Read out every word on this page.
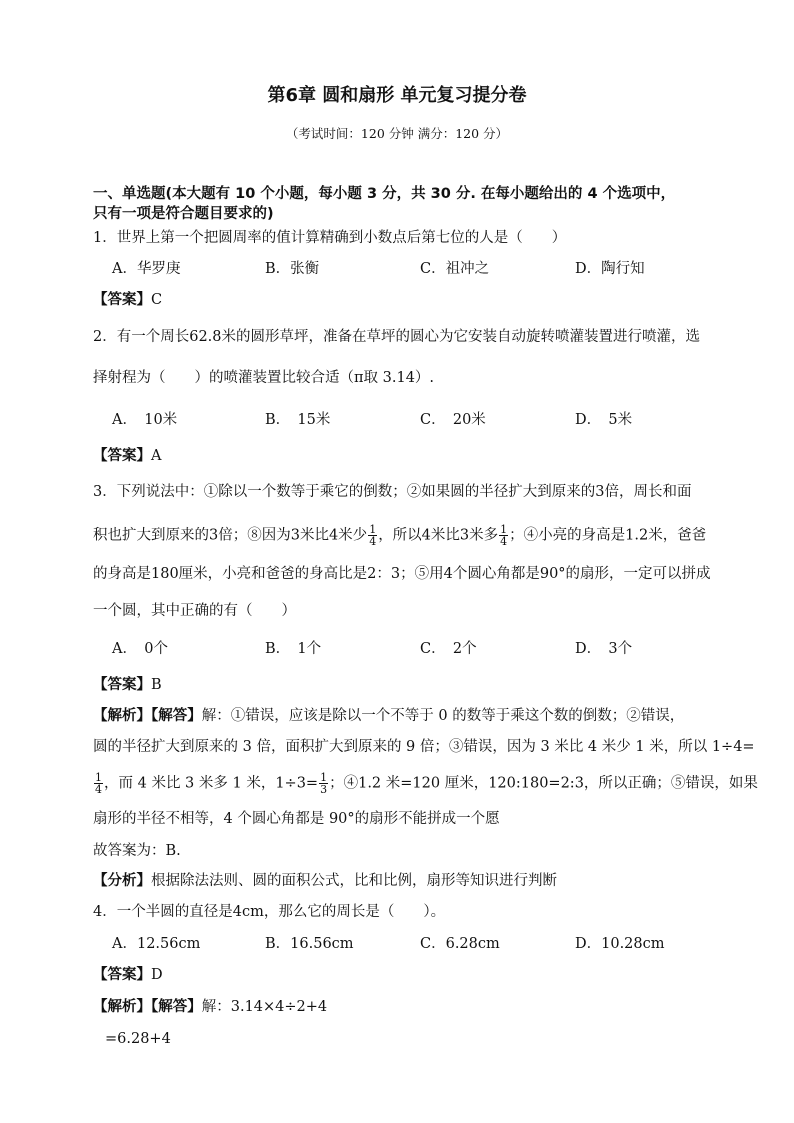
第6章 圆和扇形 单元复习提分卷
（考试时间：120 分钟 满分：120 分）
一、单选题(本大题有 10 个小题，每小题 3 分，共 30 分. 在每小题给出的 4 个选项中，
只有一项是符合题目要求的)
1．世界上第一个把圆周率的值计算精确到小数点后第七位的人是（　　）
A．华罗庚	B．张衡	C．祖冲之	D．陶行知
【答案】C
2．有一个周长62.8米的圆形草坪，准备在草坪的圆心为它安装自动旋转喷灌装置进行喷灌，选
择射程为（　　）的喷灌装置比较合适（π取 3.14）.
A．　10米	B．　15米	C．　20米	D．　5米
【答案】A
3．下列说法中：①除以一个数等于乘它的倒数；②如果圆的半径扩大到原来的3倍，周长和面
积也扩大到原来的3倍；⑧因为3米比4米少 $\frac{1}{4}$ ，所以4米比3米多 $\frac{1}{4}$ ；④小亮的身高是1.2米，爸爸
的身高是180厘米，小亮和爸爸的身高比是2：3；⑤用4个圆心角都是90°的扇形，一定可以拼成
一个圆，其中正确的有（　　）
A．　0个	B．　1个	C．　2个	D．　3个
【答案】B
【解析】【解答】解：①错误，应该是除以一个不等于 0 的数等于乘这个数的倒数；②错误，
圆的半径扩大到原来的 3 倍，面积扩大到原来的 9 倍；③错误，因为 3 米比 4 米少 1 米，所以 1÷4=
$\frac{1}{4}$ ，而 4 米比 3 米多 1 米，$1\div 3= \frac{1}{3}$ ；④1.2 米=120 厘米，120:180=2:3，所以正确；⑤错误，如果
扇形的半径不相等，4 个圆心角都是 90°的扇形不能拼成一个愿
故答案为：B.
【分析】根据除法法则、圆的面积公式，比和比例，扇形等知识进行判断
4．一个半圆的直径是4cm，那么它的周长是（　　）。
A．12.56cm	B．16.56cm	C．6.28cm	D．10.28cm
【答案】D
【解析】【解答】解：3.14×4÷2+4
=6.28+4
